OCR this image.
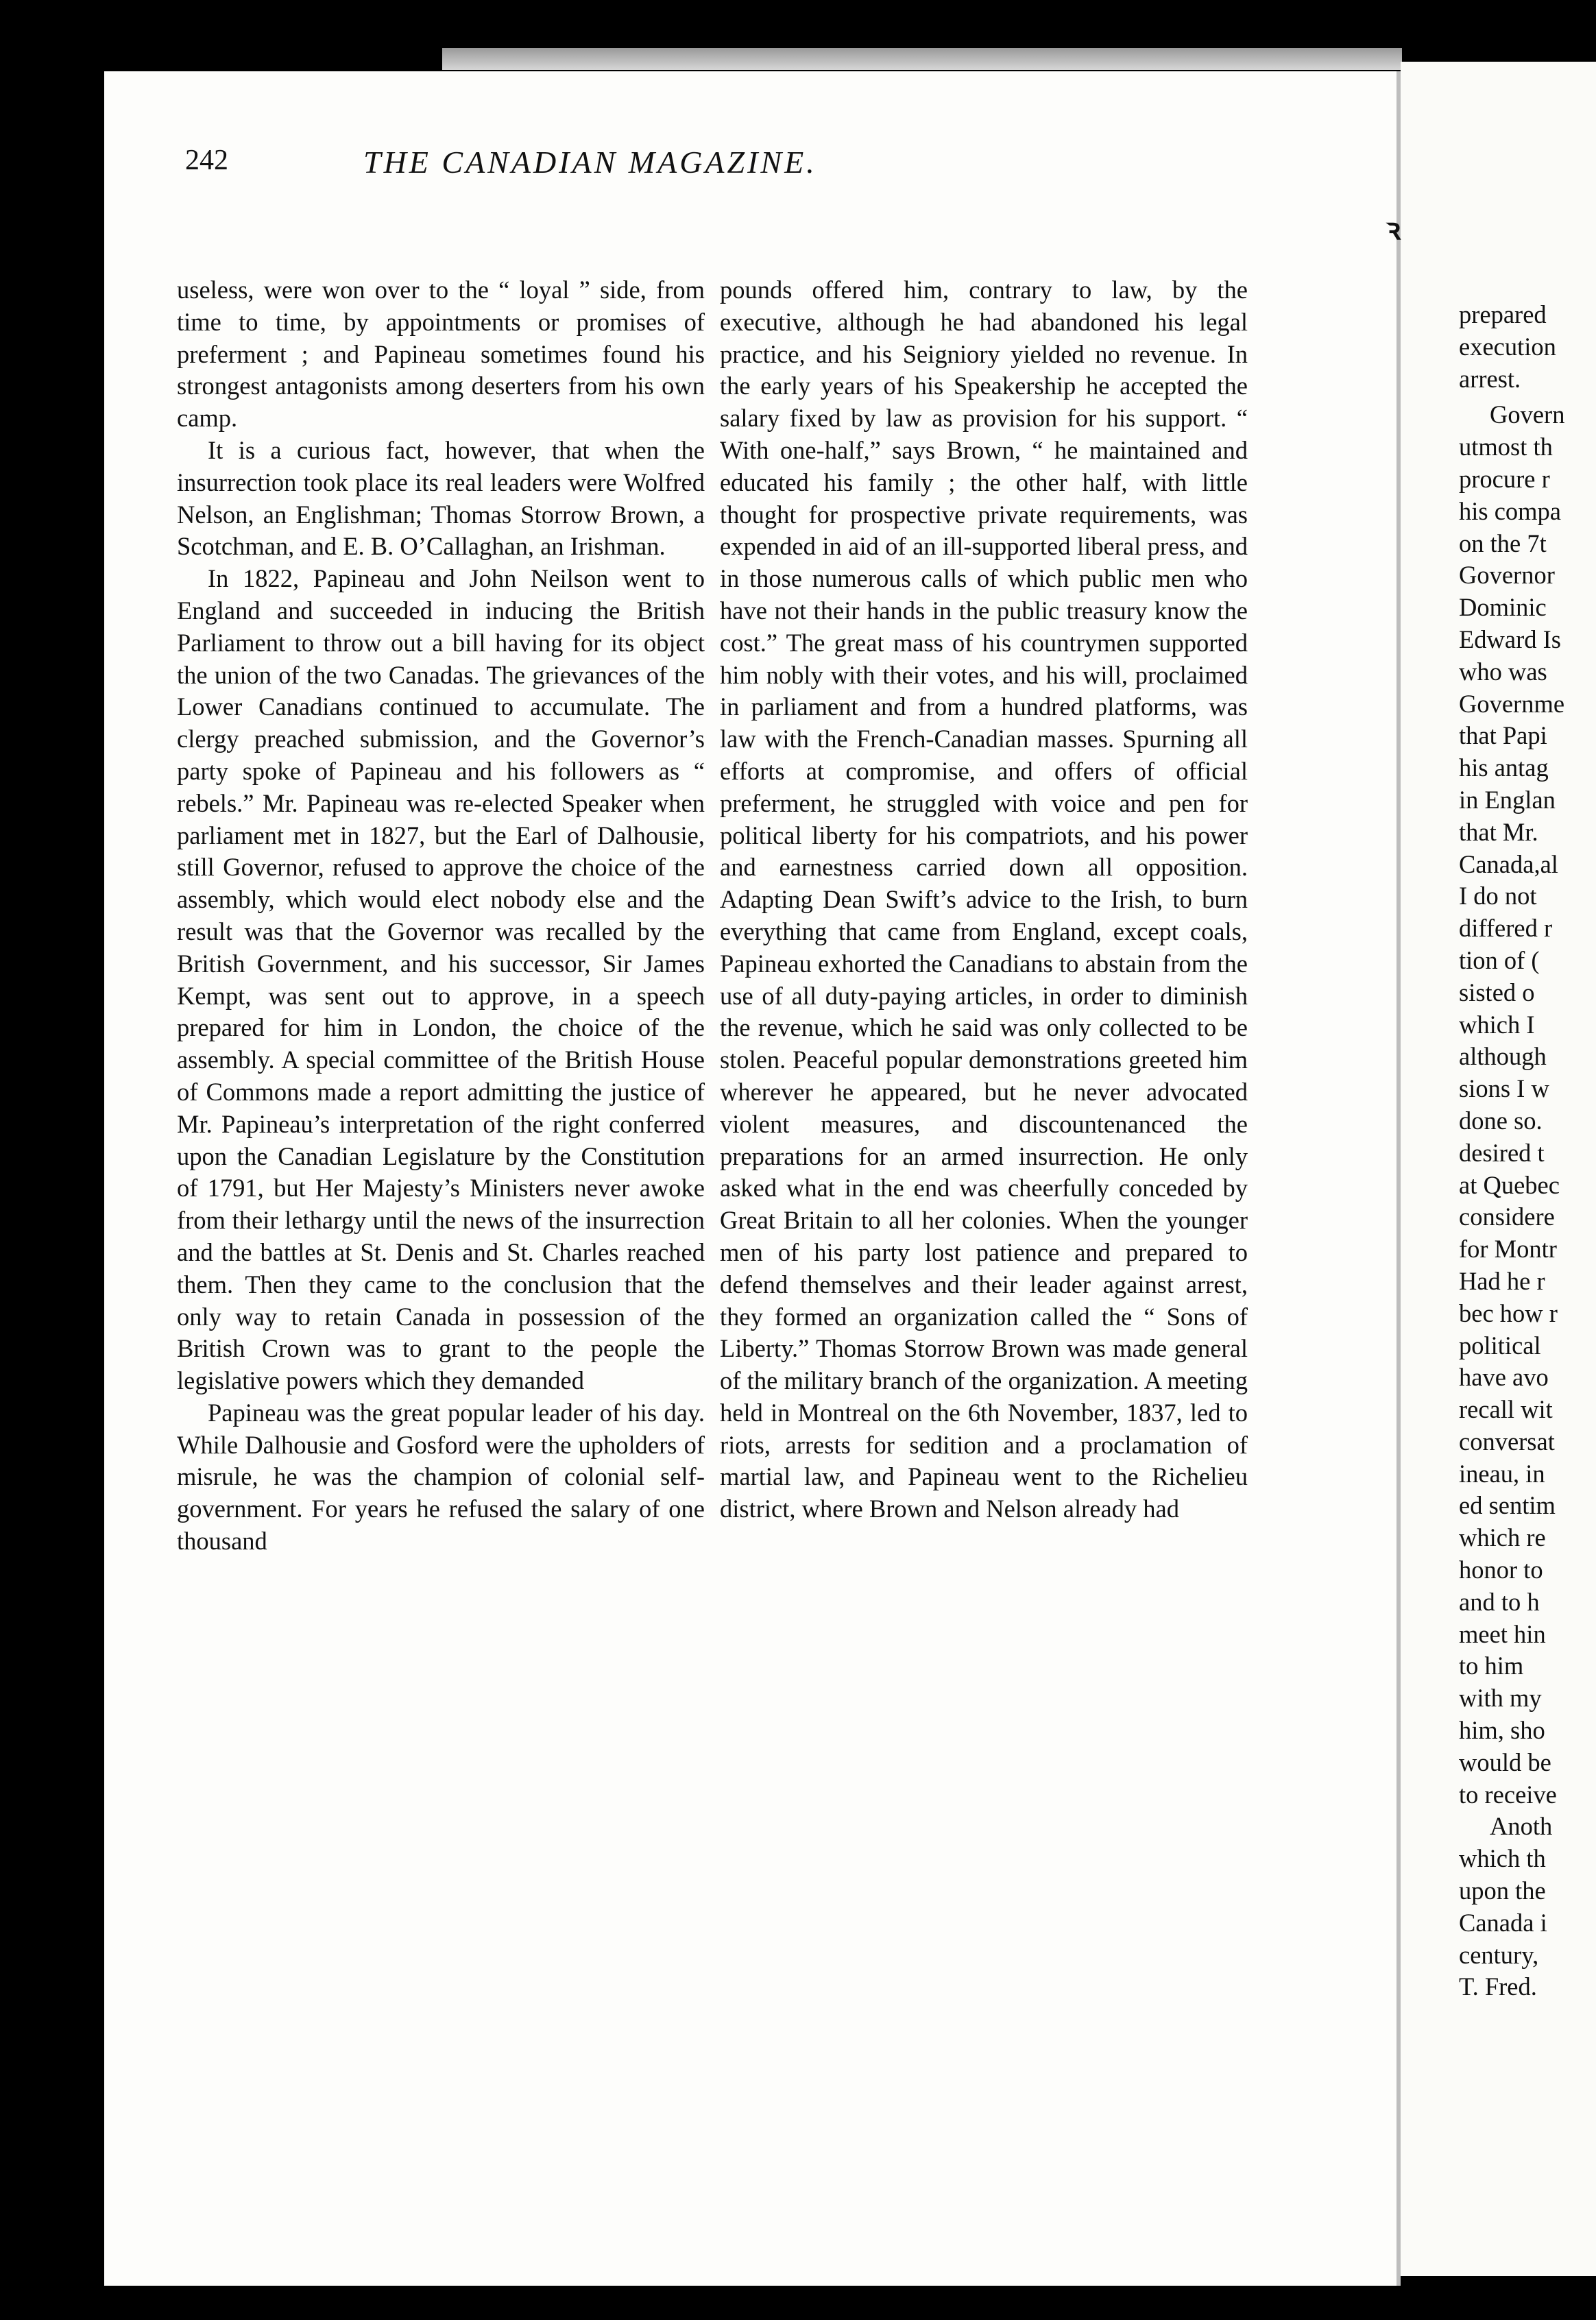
242	THE CANADIAN MAGAZINE.

useless, were won over to the “ loyal ” side, from time to time, by appointments or promises of preferment ; and Papineau sometimes found his strongest antagonists among deserters from his own camp.

It is a curious fact, however, that when the insurrection took place its real leaders were Wolfred Nelson, an Englishman; Thomas Storrow Brown, a Scotchman, and E. B. O’Callaghan, an Irishman.

In 1822, Papineau and John Neilson went to England and succeeded in inducing the British Parliament to throw out a bill having for its object the union of the two Canadas. The grievances of the Lower Canadians continued to accumulate. The clergy preached submission, and the Governor’s party spoke of Papineau and his followers as “ rebels.” Mr. Papineau was re-elected Speaker when parliament met in 1827, but the Earl of Dalhousie, still Governor, refused to approve the choice of the assembly, which would elect nobody else and the result was that the Governor was recalled by the British Government, and his successor, Sir James Kempt, was sent out to approve, in a speech prepared for him in London, the choice of the assembly. A special committee of the British House of Commons made a report admitting the justice of Mr. Papineau’s interpretation of the right conferred upon the Canadian Legislature by the Constitution of 1791, but Her Majesty’s Ministers never awoke from their lethargy until the news of the insurrection and the battles at St. Denis and St. Charles reached them. Then they came to the conclusion that the only way to retain Canada in possession of the British Crown was to grant to the people the legislative powers which they demanded

Papineau was the great popular leader of his day. While Dalhousie and Gosford were the upholders of misrule, he was the champion of colonial self-government. For years he refused the salary of one thousand

pounds offered him, contrary to law, by the executive, although he had abandoned his legal practice, and his Seigniory yielded no revenue. In the early years of his Speakership he accepted the salary fixed by law as provision for his support. “ With one-half,” says Brown, “ he maintained and educated his family ; the other half, with little thought for prospective private requirements, was expended in aid of an ill-supported liberal press, and in those numerous calls of which public men who have not their hands in the public treasury know the cost.” The great mass of his countrymen supported him nobly with their votes, and his will, proclaimed in parliament and from a hundred platforms, was law with the French-Canadian masses. Spurning all efforts at compromise, and offers of official preferment, he struggled with voice and pen for political liberty for his compatriots, and his power and earnestness carried down all opposition. Adapting Dean Swift’s advice to the Irish, to burn everything that came from England, except coals, Papineau exhorted the Canadians to abstain from the use of all duty-paying articles, in order to diminish the revenue, which he said was only collected to be stolen. Peaceful popular demonstrations greeted him wherever he appeared, but he never advocated violent measures, and discountenanced the preparations for an armed insurrection. He only asked what in the end was cheerfully conceded by Great Britain to all her colonies. When the younger men of his party lost patience and prepared to defend themselves and their leader against arrest, they formed an organization called the “ Sons of Liberty.” Thomas Storrow Brown was made general of the military branch of the organization. A meeting held in Montreal on the 6th November, 1837, led to riots, arrests for sedition and a proclamation of martial law, and Papineau went to the Richelieu district, where Brown and Nelson already had

prepared
execution
arrest.
Govern
utmost th
procure r
his compa
on the 7t
Governor
Dominic
Edward Is
who was
Governme
that Papi
his antag
in Englan
that Mr.
Canada,al
I do not
differed r
tion of (
sisted o
which I
although
sions I w
done so.
desired t
at Quebec
considere
for Montr
Had he r
bec how r
political
have avo
recall wit
conversat
ineau, in
ed sentim
which re
honor to
and to h
meet hin
to him
with my
him, sho
would be
to receive
Anoth
which th
upon the
Canada i
century,
T. Fred.
ꝛ
